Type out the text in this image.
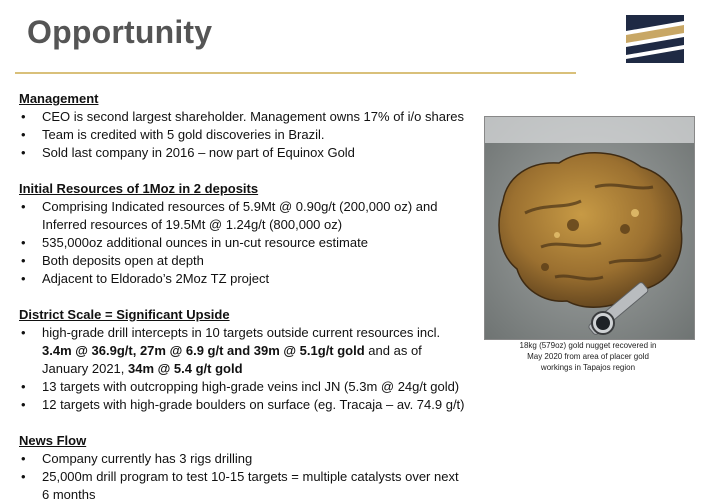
Opportunity
Management
• CEO is second largest shareholder. Management owns 17% of i/o shares
• Team is credited with 5 gold discoveries in Brazil.
• Sold last company in 2016 – now part of Equinox Gold
Initial Resources of 1Moz in 2 deposits
• Comprising Indicated resources of 5.9Mt @ 0.90g/t (200,000 oz) and
Inferred resources of 19.5Mt @ 1.24g/t (800,000 oz)
• 535,000oz additional ounces in un-cut resource estimate
• Both deposits open at depth
• Adjacent to Eldorado’s 2Moz TZ project
District Scale = Significant Upside
• high-grade drill intercepts in 10 targets outside current resources incl.
3.4m @ 36.9g/t, 27m @ 6.9 g/t and 39m @ 5.1g/t gold and as of
January 2021, 34m @ 5.4 g/t gold
• 13 targets with outcropping high-grade veins incl JN (5.3m @ 24g/t gold)
• 12 targets with high-grade boulders on surface (eg. Tracaja – av. 74.9 g/t)
News Flow
• Company currently has 3 rigs drilling
• 25,000m drill program to test 10-15 targets = multiple catalysts over next
6 months
18kg (579oz) gold nugget recovered in
May 2020 from area of placer gold
workings in Tapajos region
